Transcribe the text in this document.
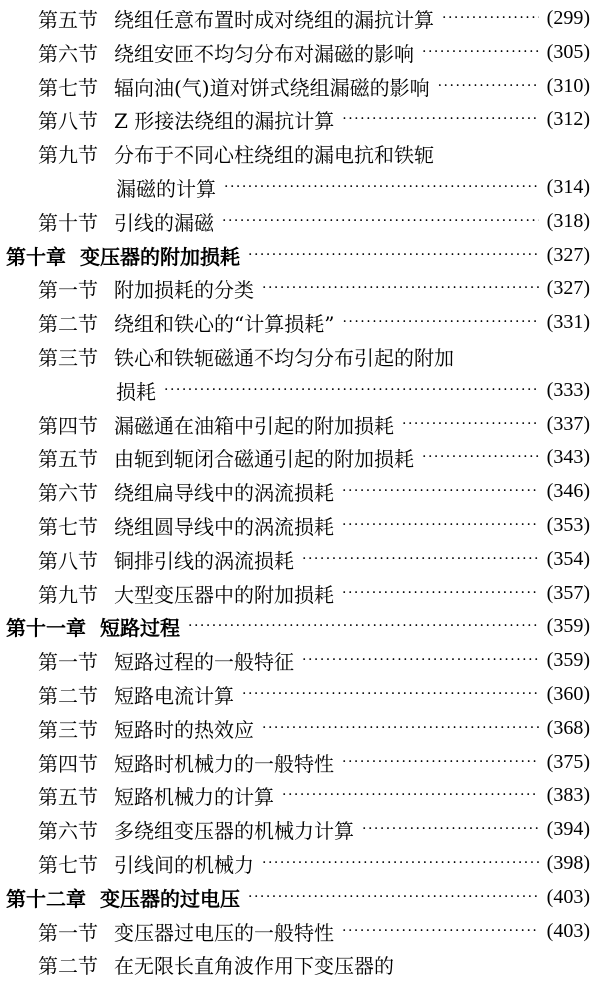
第五节 绕组任意布置时成对绕组的漏抗计算 ·····	(299)
第六节 绕组安匝不均匀分布对漏磁的影响 ·····	(305)
第七节 辐向油(气)道对饼式绕组漏磁的影响 ·····	(310)
第八节 Z 形接法绕组的漏抗计算 ·····	(312)
第九节 分布于不同心柱绕组的漏电抗和铁轭
漏磁的计算 ·····	(314)
第十节 引线的漏磁 ·····	(318)
第十章 变压器的附加损耗 ·····	(327)
第一节 附加损耗的分类 ·····	(327)
第二节 绕组和铁心的“计算损耗” ·····	(331)
第三节 铁心和铁轭磁通不均匀分布引起的附加
损耗 ·····	(333)
第四节 漏磁通在油箱中引起的附加损耗 ·····	(337)
第五节 由轭到轭闭合磁通引起的附加损耗 ·····	(343)
第六节 绕组扁导线中的涡流损耗 ·····	(346)
第七节 绕组圆导线中的涡流损耗 ·····	(353)
第八节 铜排引线的涡流损耗 ·····	(354)
第九节 大型变压器中的附加损耗 ·····	(357)
第十一章 短路过程 ·····	(359)
第一节 短路过程的一般特征 ·····	(359)
第二节 短路电流计算 ·····	(360)
第三节 短路时的热效应 ·····	(368)
第四节 短路时机械力的一般特性 ·····	(375)
第五节 短路机械力的计算 ·····	(383)
第六节 多绕组变压器的机械力计算 ·····	(394)
第七节 引线间的机械力 ·····	(398)
第十二章 变压器的过电压 ·····	(403)
第一节 变压器过电压的一般特性 ·····	(403)
第二节 在无限长直角波作用下变压器的
